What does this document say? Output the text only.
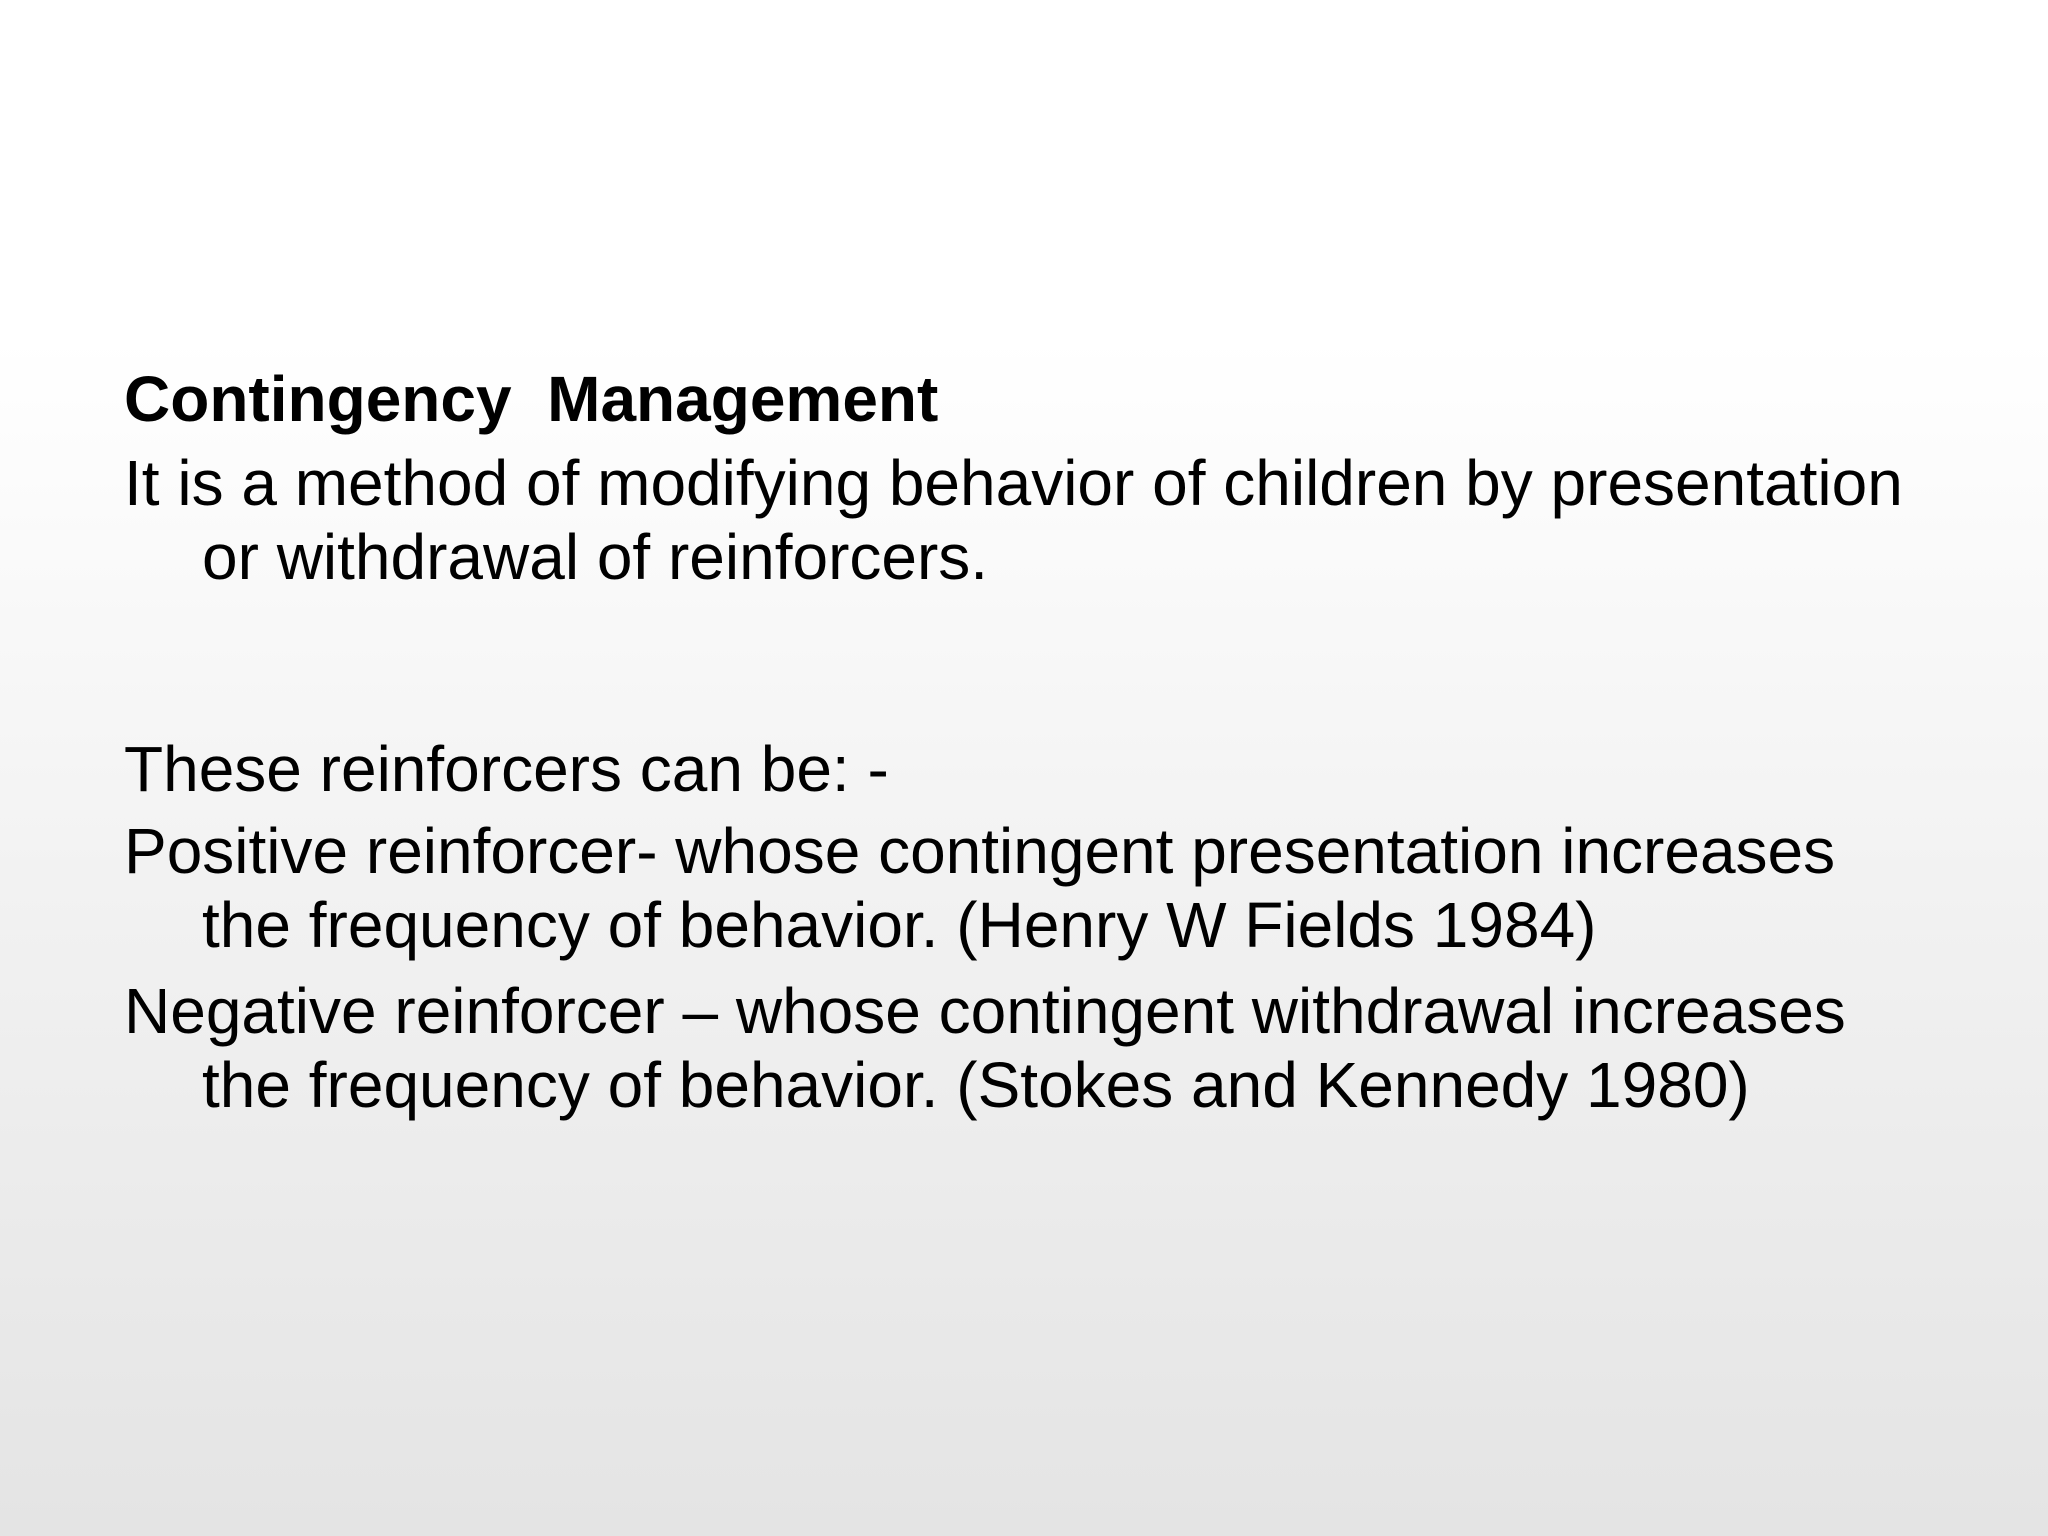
Contingency  Management
It is a method of modifying behavior of children by presentation or withdrawal of reinforcers.
These reinforcers can be: -
Positive reinforcer- whose contingent presentation increases the frequency of behavior. (Henry W Fields 1984)
Negative reinforcer – whose contingent withdrawal increases the frequency of behavior. (Stokes and Kennedy 1980)
